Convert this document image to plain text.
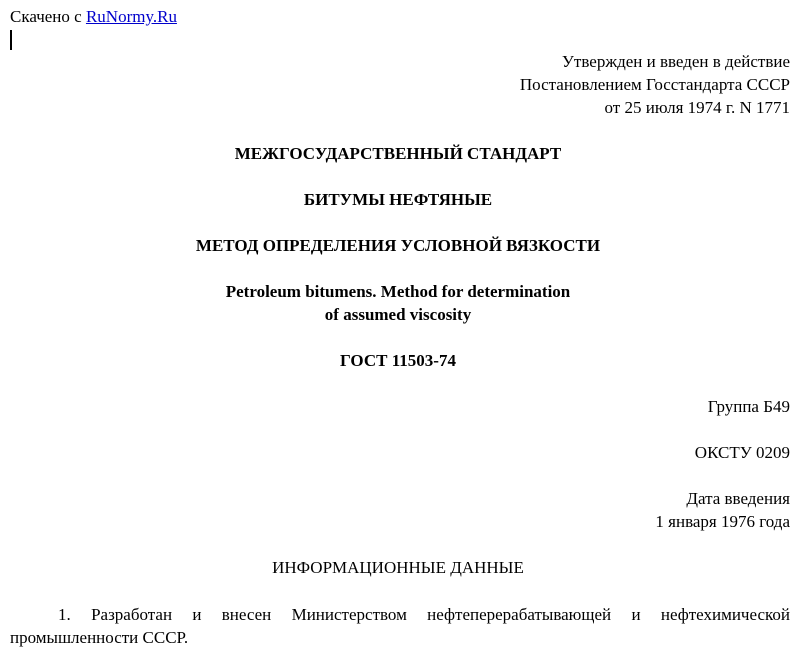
Скачено с RuNormy.Ru
Утвержден и введен в действие
Постановлением Госстандарта СССР
от 25 июля 1974 г. N 1771
МЕЖГОСУДАРСТВЕННЫЙ СТАНДАРТ
БИТУМЫ НЕФТЯНЫЕ
МЕТОД ОПРЕДЕЛЕНИЯ УСЛОВНОЙ ВЯЗКОСТИ
Petroleum bitumens. Method for determination
of assumed viscosity
ГОСТ 11503-74
Группа Б49
ОКСТУ 0209
Дата введения
1 января 1976 года
ИНФОРМАЦИОННЫЕ ДАННЫЕ
1. Разработан и внесен Министерством нефтеперерабатывающей и нефтехимической промышленности СССР.
